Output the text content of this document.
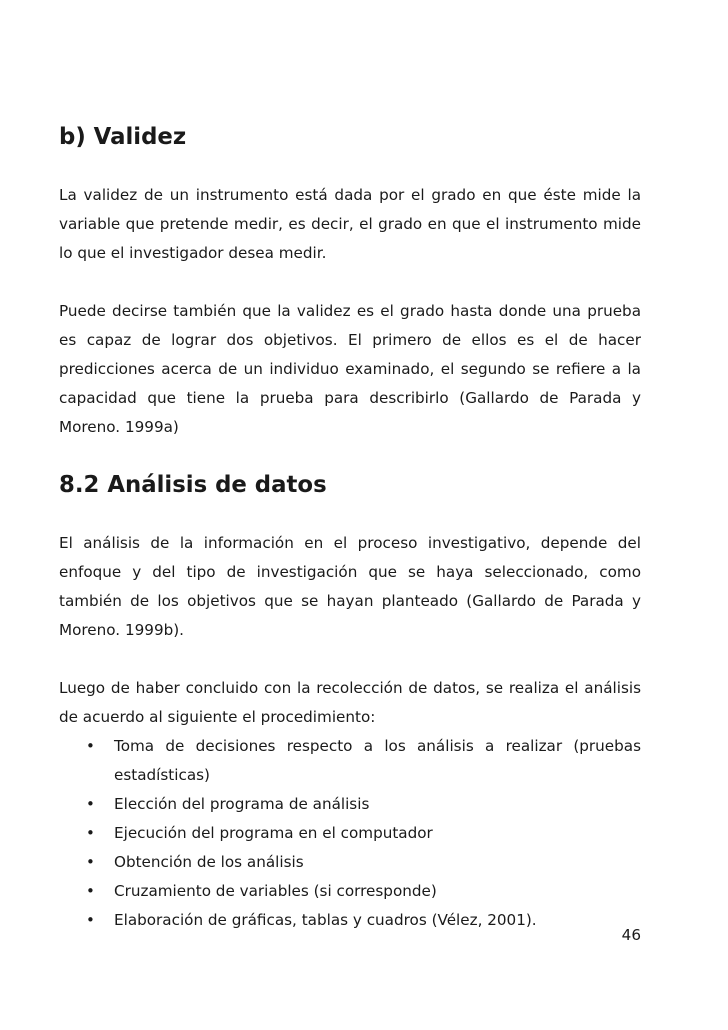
b) Validez

La validez de un instrumento está dada por el grado en que éste mide la variable que pretende medir, es decir, el grado en que el instrumento mide lo que el investigador desea medir.

Puede decirse también que la validez es el grado hasta donde una prueba es capaz de lograr dos objetivos. El primero de ellos es el de hacer predicciones acerca de un individuo examinado, el segundo se refiere a la capacidad que tiene la prueba para describirlo (Gallardo de Parada y Moreno. 1999a)

8.2 Análisis de datos

El análisis de la información en el proceso investigativo, depende del enfoque y del tipo de investigación que se haya seleccionado, como también de los objetivos que se hayan planteado (Gallardo de Parada y Moreno. 1999b).

Luego de haber concluido con la recolección de datos, se realiza el análisis de acuerdo al siguiente el procedimiento:

• Toma de decisiones respecto a los análisis a realizar (pruebas estadísticas)
• Elección del programa de análisis
• Ejecución del programa en el computador
• Obtención de los análisis
• Cruzamiento de variables (si corresponde)
• Elaboración de gráficas, tablas y cuadros (Vélez, 2001).
46
